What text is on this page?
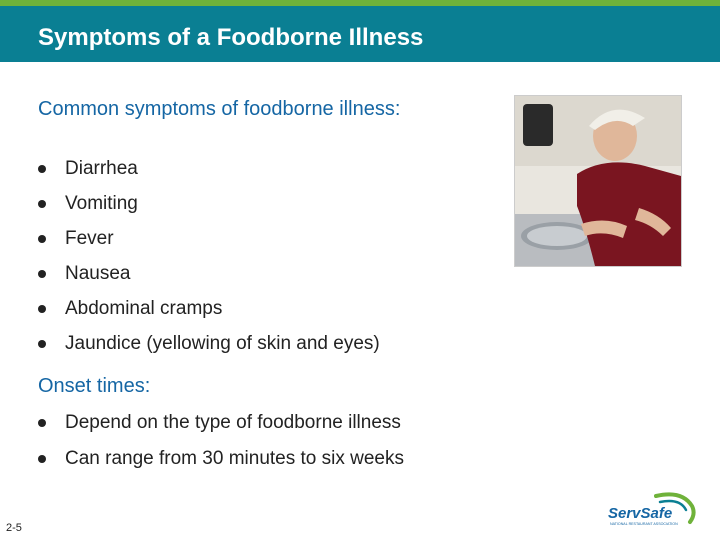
Symptoms of a Foodborne Illness
Common symptoms of foodborne illness:
Diarrhea
Vomiting
Fever
Nausea
Abdominal cramps
Jaundice (yellowing of skin and eyes)
Onset times:
Depend on the type of foodborne illness
Can range from 30 minutes to six weeks
2-5
ServSafe
NATIONAL RESTAURANT ASSOCIATION
